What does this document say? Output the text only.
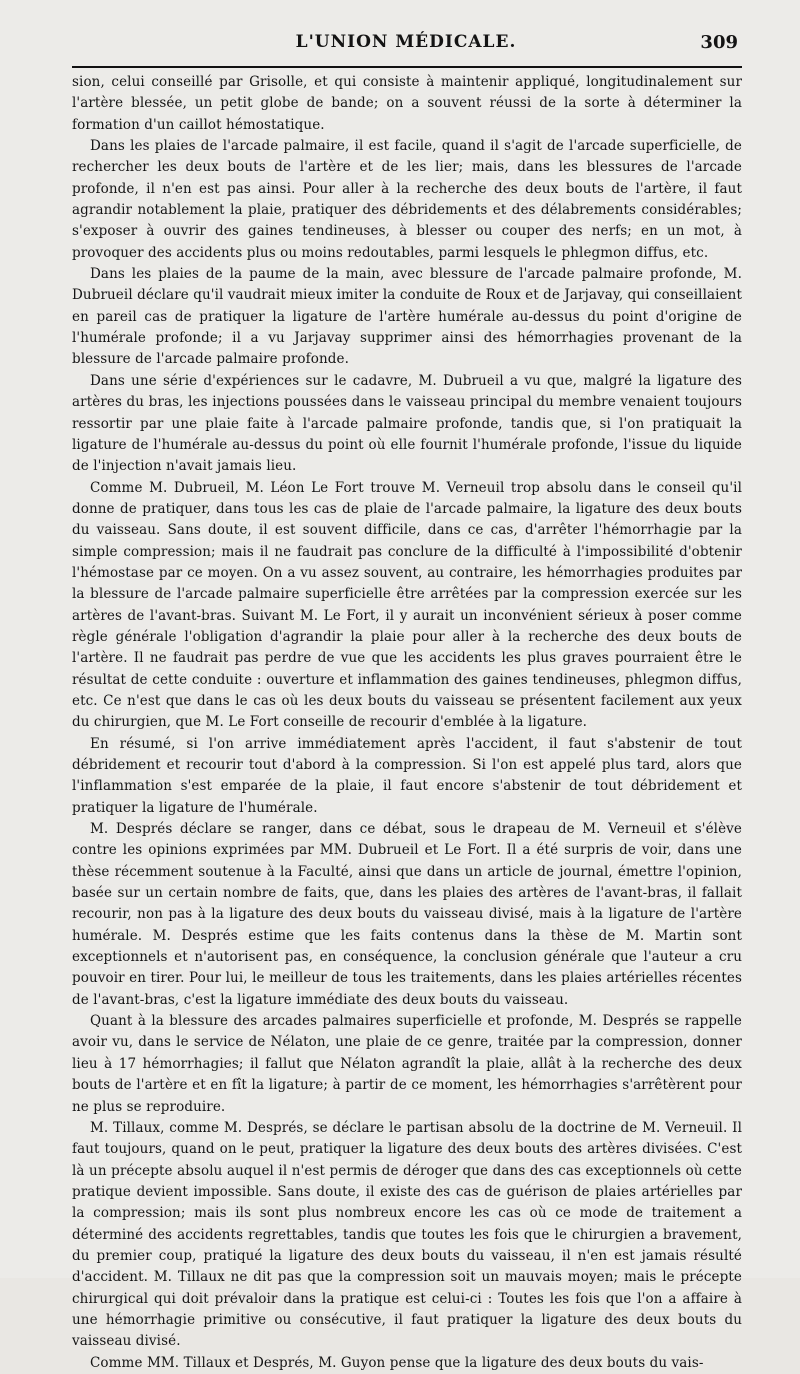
L'UNION MÉDICALE.	309

sion, celui conseillé par Grisolle, et qui consiste à maintenir appliqué, longitudinalement sur l'artère blessée, un petit globe de bande; on a souvent réussi de la sorte à déterminer la formation d'un caillot hémostatique.

Dans les plaies de l'arcade palmaire, il est facile, quand il s'agit de l'arcade superficielle, de rechercher les deux bouts de l'artère et de les lier; mais, dans les blessures de l'arcade profonde, il n'en est pas ainsi. Pour aller à la recherche des deux bouts de l'artère, il faut agrandir notablement la plaie, pratiquer des débridements et des délabrements considérables; s'exposer à ouvrir des gaines tendineuses, à blesser ou couper des nerfs; en un mot, à provoquer des accidents plus ou moins redoutables, parmi lesquels le phlegmon diffus, etc.

Dans les plaies de la paume de la main, avec blessure de l'arcade palmaire profonde, M. Dubrueil déclare qu'il vaudrait mieux imiter la conduite de Roux et de Jarjavay, qui conseillaient en pareil cas de pratiquer la ligature de l'artère humérale au-dessus du point d'origine de l'humérale profonde; il a vu Jarjavay supprimer ainsi des hémorrhagies provenant de la blessure de l'arcade palmaire profonde.

Dans une série d'expériences sur le cadavre, M. Dubrueil a vu que, malgré la ligature des artères du bras, les injections poussées dans le vaisseau principal du membre venaient toujours ressortir par une plaie faite à l'arcade palmaire profonde, tandis que, si l'on pratiquait la ligature de l'humérale au-dessus du point où elle fournit l'humérale profonde, l'issue du liquide de l'injection n'avait jamais lieu.

Comme M. Dubrueil, M. Léon Le Fort trouve M. Verneuil trop absolu dans le conseil qu'il donne de pratiquer, dans tous les cas de plaie de l'arcade palmaire, la ligature des deux bouts du vaisseau. Sans doute, il est souvent difficile, dans ce cas, d'arrêter l'hémorrhagie par la simple compression; mais il ne faudrait pas conclure de la difficulté à l'impossibilité d'obtenir l'hémostase par ce moyen. On a vu assez souvent, au contraire, les hémorrhagies produites par la blessure de l'arcade palmaire superficielle être arrêtées par la compression exercée sur les artères de l'avant-bras. Suivant M. Le Fort, il y aurait un inconvénient sérieux à poser comme règle générale l'obligation d'agrandir la plaie pour aller à la recherche des deux bouts de l'artère. Il ne faudrait pas perdre de vue que les accidents les plus graves pourraient être le résultat de cette conduite : ouverture et inflammation des gaines tendineuses, phlegmon diffus, etc. Ce n'est que dans le cas où les deux bouts du vaisseau se présentent facilement aux yeux du chirurgien, que M. Le Fort conseille de recourir d'emblée à la ligature.

En résumé, si l'on arrive immédiatement après l'accident, il faut s'abstenir de tout débridement et recourir tout d'abord à la compression. Si l'on est appelé plus tard, alors que l'inflammation s'est emparée de la plaie, il faut encore s'abstenir de tout débridement et pratiquer la ligature de l'humérale.

M. Després déclare se ranger, dans ce débat, sous le drapeau de M. Verneuil et s'élève contre les opinions exprimées par MM. Dubrueil et Le Fort. Il a été surpris de voir, dans une thèse récemment soutenue à la Faculté, ainsi que dans un article de journal, émettre l'opinion, basée sur un certain nombre de faits, que, dans les plaies des artères de l'avant-bras, il fallait recourir, non pas à la ligature des deux bouts du vaisseau divisé, mais à la ligature de l'artère humérale. M. Després estime que les faits contenus dans la thèse de M. Martin sont exceptionnels et n'autorisent pas, en conséquence, la conclusion générale que l'auteur a cru pouvoir en tirer. Pour lui, le meilleur de tous les traitements, dans les plaies artérielles récentes de l'avant-bras, c'est la ligature immédiate des deux bouts du vaisseau.

Quant à la blessure des arcades palmaires superficielle et profonde, M. Després se rappelle avoir vu, dans le service de Nélaton, une plaie de ce genre, traitée par la compression, donner lieu à 17 hémorrhagies; il fallut que Nélaton agrandît la plaie, allât à la recherche des deux bouts de l'artère et en fît la ligature; à partir de ce moment, les hémorrhagies s'arrêtèrent pour ne plus se reproduire.

M. Tillaux, comme M. Després, se déclare le partisan absolu de la doctrine de M. Verneuil. Il faut toujours, quand on le peut, pratiquer la ligature des deux bouts des artères divisées. C'est là un précepte absolu auquel il n'est permis de déroger que dans des cas exceptionnels où cette pratique devient impossible. Sans doute, il existe des cas de guérison de plaies artérielles par la compression; mais ils sont plus nombreux encore les cas où ce mode de traitement a déterminé des accidents regrettables, tandis que toutes les fois que le chirurgien a bravement, du premier coup, pratiqué la ligature des deux bouts du vaisseau, il n'en est jamais résulté d'accident. M. Tillaux ne dit pas que la compression soit un mauvais moyen; mais le précepte chirurgical qui doit prévaloir dans la pratique est celui-ci : Toutes les fois que l'on a affaire à une hémorrhagie primitive ou consécutive, il faut pratiquer la ligature des deux bouts du vaisseau divisé.

Comme MM. Tillaux et Després, M. Guyon pense que la ligature des deux bouts du vais-
